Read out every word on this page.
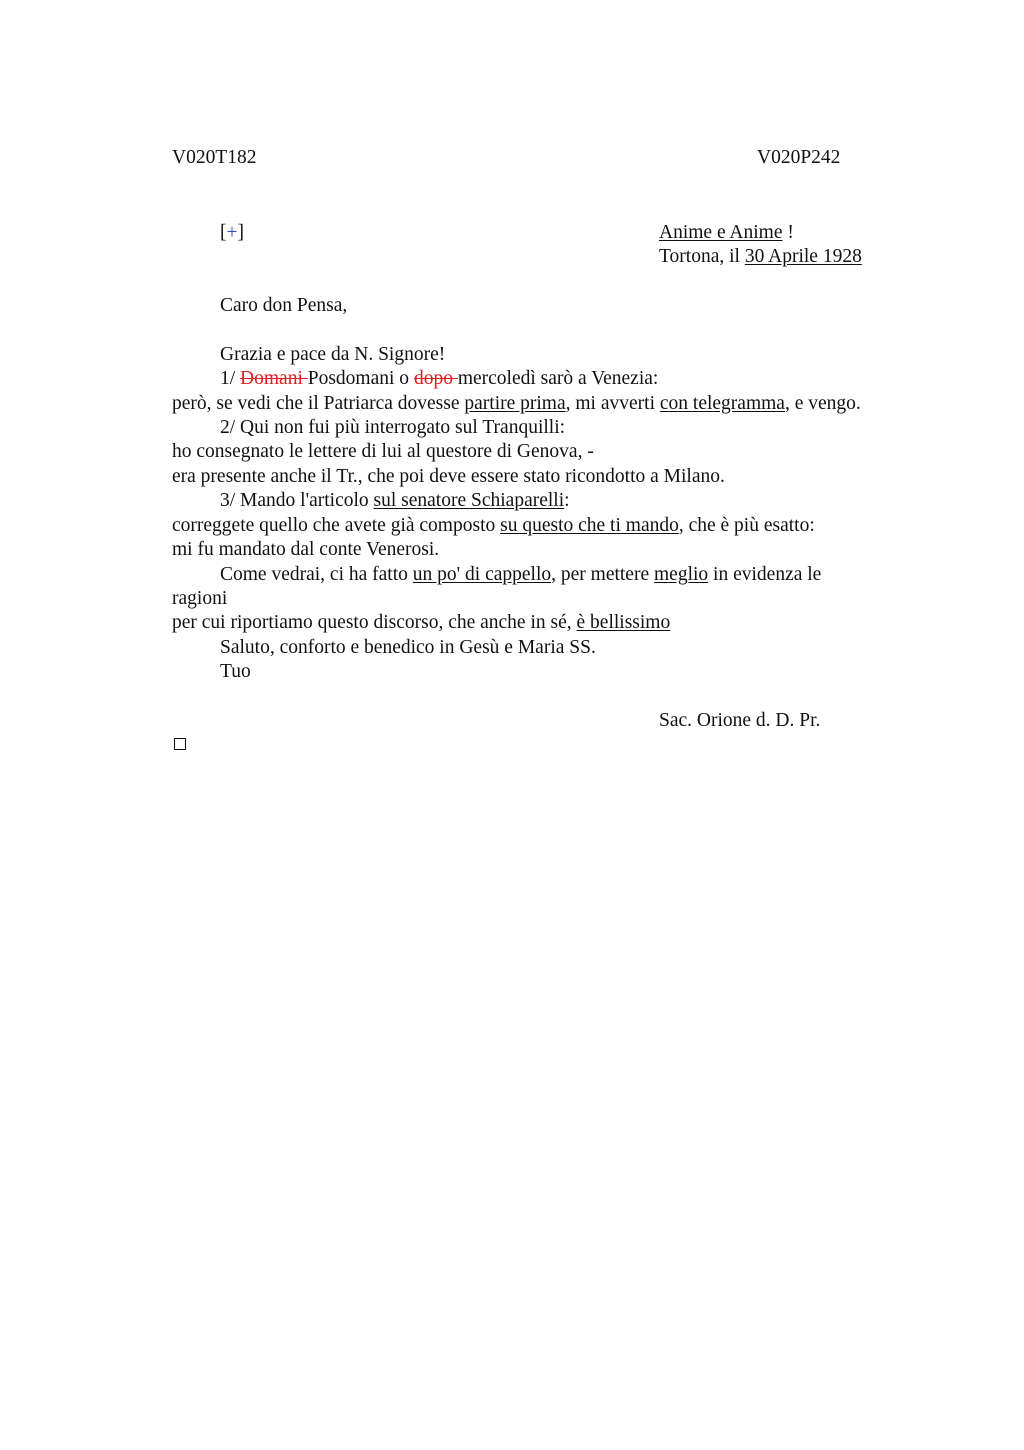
V020T182	V020P242
[+]	Anime e Anime !
Tortona, il 30 Aprile 1928
Caro don Pensa,
Grazia e pace da N. Signore!
1/ Domani Posdomani o dopo mercoledì sarò a Venezia:
però, se vedi che il Patriarca dovesse partire prima, mi avverti con telegramma, e vengo.
2/ Qui non fui più interrogato sul Tranquilli:
ho consegnato le lettere di lui al questore di Genova, -
era presente anche il Tr., che poi deve essere stato ricondotto a Milano.
3/ Mando l'articolo sul senatore Schiaparelli:
correggete quello che avete già composto su questo che ti mando, che è più esatto:
mi fu mandato dal conte Venerosi.
Come vedrai, ci ha fatto un po' di cappello, per mettere meglio in evidenza le
ragioni
per cui riportiamo questo discorso, che anche in sé, è bellissimo
Saluto, conforto e benedico in Gesù e Maria SS.
Tuo
Sac. Orione d. D. Pr.
